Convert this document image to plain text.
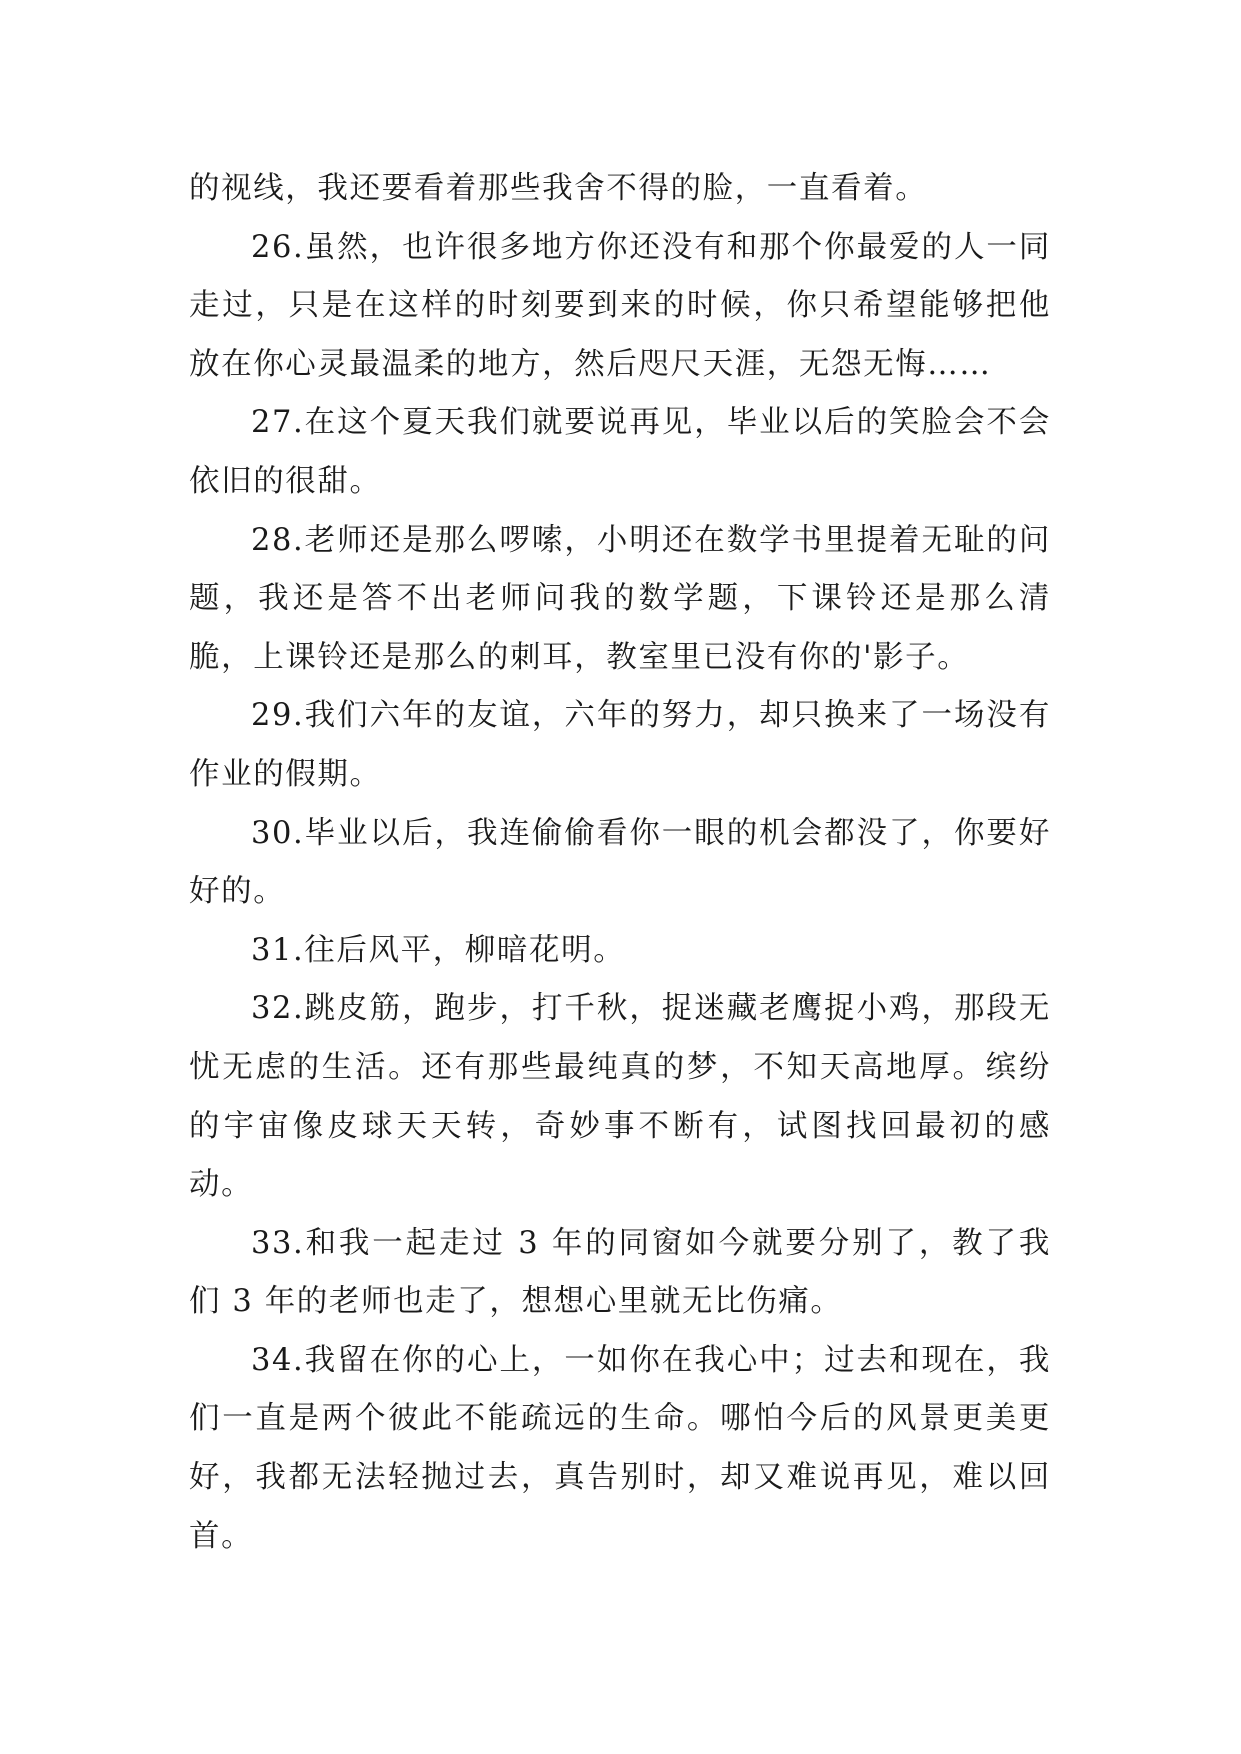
的视线，我还要看着那些我舍不得的脸，一直看着。

26.虽然，也许很多地方你还没有和那个你最爱的人一同走过，只是在这样的时刻要到来的时候，你只希望能够把他放在你心灵最温柔的地方，然后咫尺天涯，无怨无悔……

27.在这个夏天我们就要说再见，毕业以后的笑脸会不会依旧的很甜。

28.老师还是那么啰嗦，小明还在数学书里提着无耻的问题，我还是答不出老师问我的数学题，下课铃还是那么清脆，上课铃还是那么的刺耳，教室里已没有你的'影子。

29.我们六年的友谊，六年的努力，却只换来了一场没有作业的假期。

30.毕业以后，我连偷偷看你一眼的机会都没了，你要好好的。

31.往后风平，柳暗花明。

32.跳皮筋，跑步，打千秋，捉迷藏老鹰捉小鸡，那段无忧无虑的生活。还有那些最纯真的梦，不知天高地厚。缤纷的宇宙像皮球天天转，奇妙事不断有，试图找回最初的感动。

33.和我一起走过 3 年的同窗如今就要分别了，教了我们 3 年的老师也走了，想想心里就无比伤痛。

34.我留在你的心上，一如你在我心中；过去和现在，我们一直是两个彼此不能疏远的生命。哪怕今后的风景更美更好，我都无法轻抛过去，真告别时，却又难说再见，难以回首。
